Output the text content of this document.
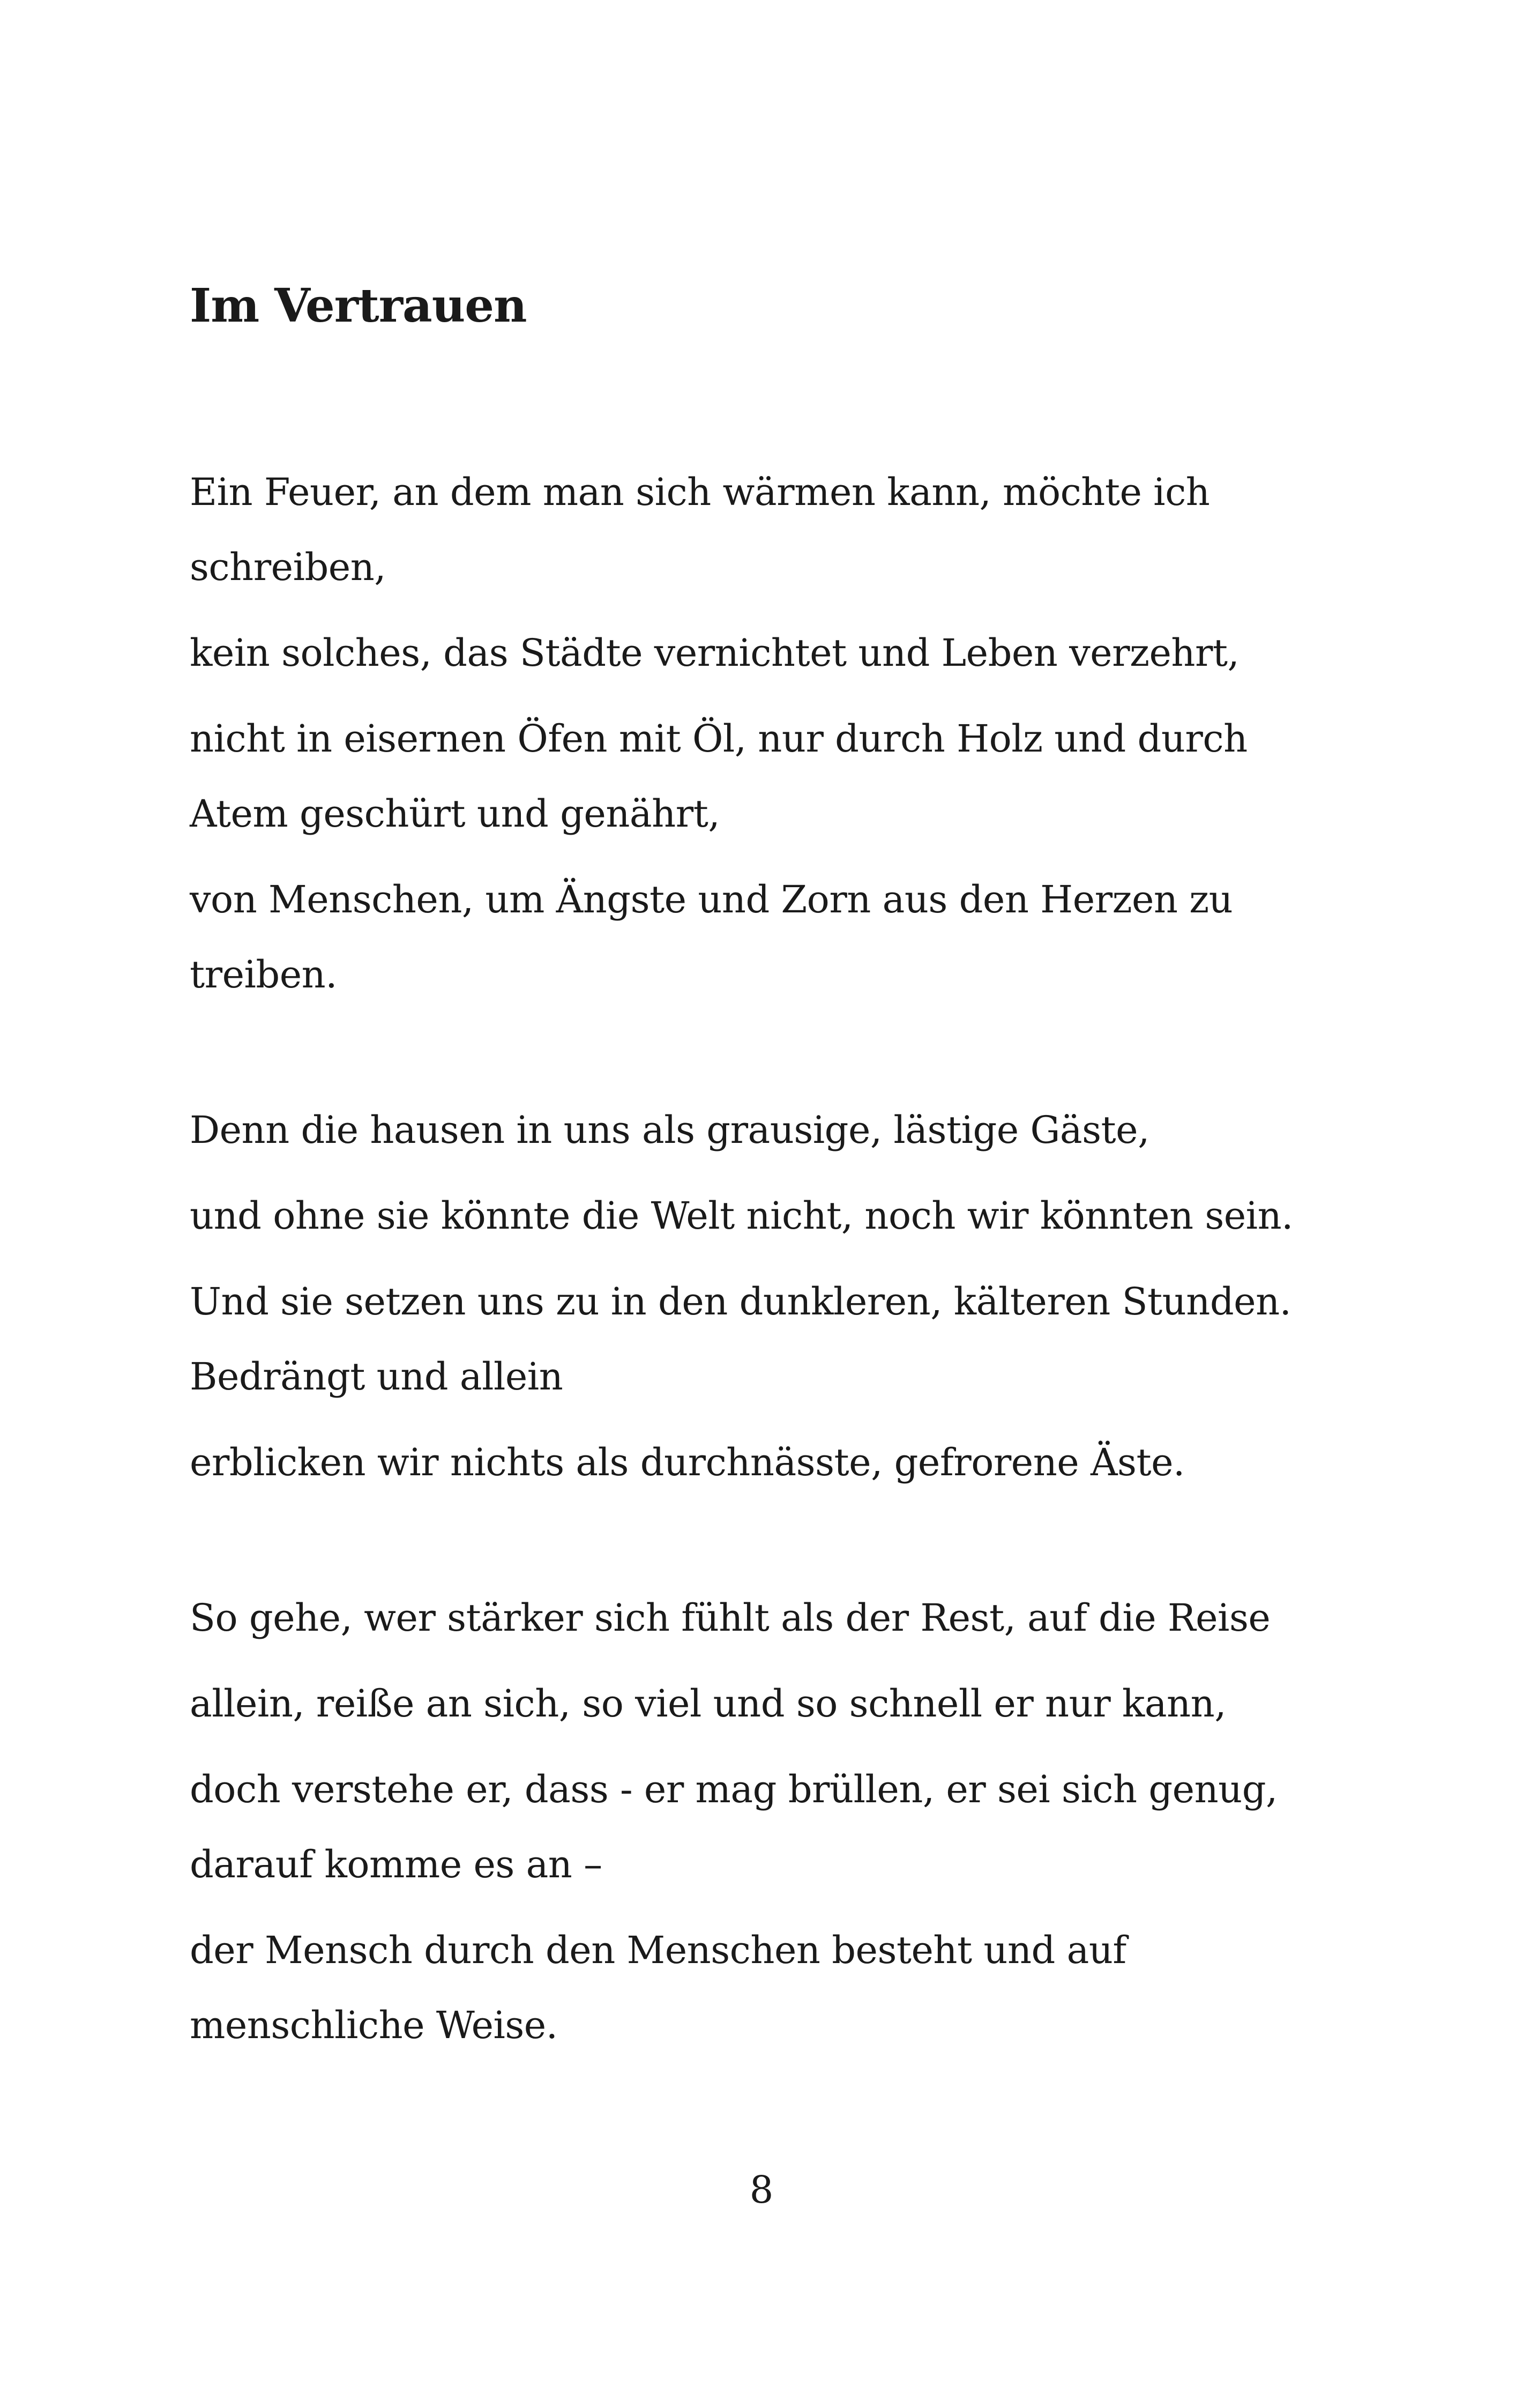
Im Vertrauen

Ein Feuer, an dem man sich wärmen kann, möchte ich schreiben,

kein solches, das Städte vernichtet und Leben verzehrt,

nicht in eisernen Öfen mit Öl, nur durch Holz und durch Atem geschürt und genährt,

von Menschen, um Ängste und Zorn aus den Herzen zu treiben.

Denn die hausen in uns als grausige, lästige Gäste,

und ohne sie könnte die Welt nicht, noch wir könnten sein.

Und sie setzen uns zu in den dunkleren, kälteren Stunden. Bedrängt und allein

erblicken wir nichts als durchnässte, gefrorene Äste.

So gehe, wer stärker sich fühlt als der Rest, auf die Reise

allein, reiße an sich, so viel und so schnell er nur kann,

doch verstehe er, dass - er mag brüllen, er sei sich genug, darauf komme es an –

der Mensch durch den Menschen besteht und auf menschliche Weise.

8
